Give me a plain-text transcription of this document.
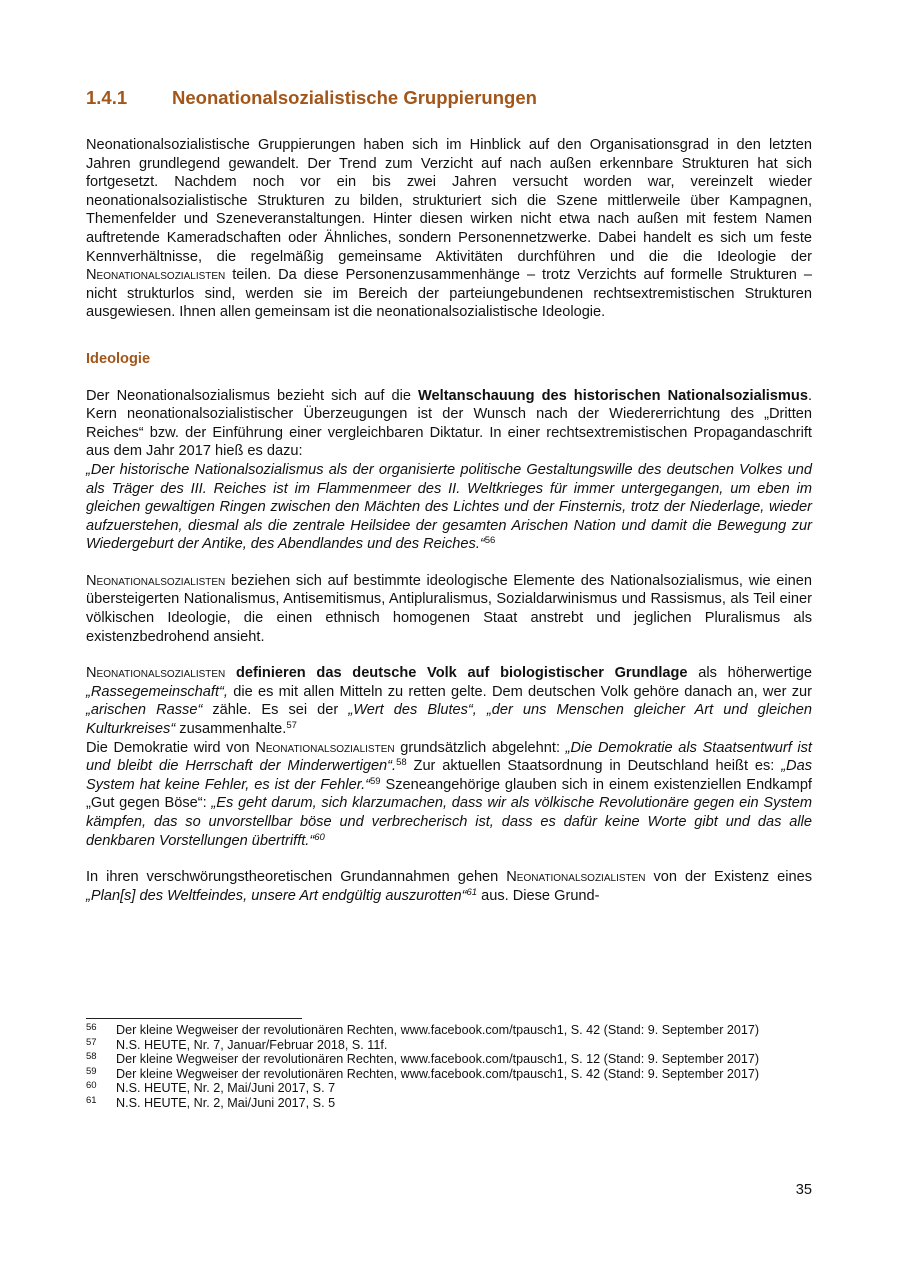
1.4.1	Neonationalsozialistische Gruppierungen

Neonationalsozialistische Gruppierungen haben sich im Hinblick auf den Organisationsgrad in den letzten Jahren grundlegend gewandelt. Der Trend zum Verzicht auf nach außen erkennbare Strukturen hat sich fortgesetzt. Nachdem noch vor ein bis zwei Jahren versucht worden war, vereinzelt wieder neonationalsozialistische Strukturen zu bilden, strukturiert sich die Szene mittlerweile über Kampagnen, Themenfelder und Szeneveranstaltungen. Hinter diesen wirken nicht etwa nach außen mit festem Namen auftretende Kameradschaften oder Ähnliches, sondern Personennetzwerke. Dabei handelt es sich um feste Kennverhältnisse, die regelmäßig gemeinsame Aktivitäten durchführen und die die Ideologie der Neonationalsozialisten teilen. Da diese Personenzusammenhänge – trotz Verzichts auf formelle Strukturen – nicht strukturlos sind, werden sie im Bereich der parteiungebundenen rechtsextremistischen Strukturen ausgewiesen. Ihnen allen gemeinsam ist die neonationalsozialistische Ideologie.

Ideologie

Der Neonationalsozialismus bezieht sich auf die Weltanschauung des historischen Nationalsozialismus. Kern neonationalsozialistischer Überzeugungen ist der Wunsch nach der Wiedererrichtung des „Dritten Reiches“ bzw. der Einführung einer vergleichbaren Diktatur. In einer rechtsextremistischen Propagandaschrift aus dem Jahr 2017 hieß es dazu:
„Der historische Nationalsozialismus als der organisierte politische Gestaltungswille des deutschen Volkes und als Träger des III. Reiches ist im Flammenmeer des II. Weltkrieges für immer untergegangen, um eben im gleichen gewaltigen Ringen zwischen den Mächten des Lichtes und der Finsternis, trotz der Niederlage, wieder aufzuerstehen, diesmal als die zentrale Heilsidee der gesamten Arischen Nation und damit die Bewegung zur Wiedergeburt der Antike, des Abendlandes und des Reiches.“$^{56}$

Neonationalsozialisten beziehen sich auf bestimmte ideologische Elemente des Nationalsozialismus, wie einen übersteigerten Nationalismus, Antisemitismus, Antipluralismus, Sozialdarwinismus und Rassismus, als Teil einer völkischen Ideologie, die einen ethnisch homogenen Staat anstrebt und jeglichen Pluralismus als existenzbedrohend ansieht.

Neonationalsozialisten definieren das deutsche Volk auf biologistischer Grundlage als höherwertige „Rassegemeinschaft“, die es mit allen Mitteln zu retten gelte. Dem deutschen Volk gehöre danach an, wer zur „arischen Rasse“ zähle. Es sei der „Wert des Blutes“, „der uns Menschen gleicher Art und gleichen Kulturkreises“ zusammenhalte.$^{57}$

Die Demokratie wird von Neonationalsozialisten grundsätzlich abgelehnt: „Die Demokratie als Staatsentwurf ist und bleibt die Herrschaft der Minderwertigen“.$^{58}$ Zur aktuellen Staatsordnung in Deutschland heißt es: „Das System hat keine Fehler, es ist der Fehler.“$^{59}$ Szeneangehörige glauben sich in einem existenziellen Endkampf „Gut gegen Böse“: „Es geht darum, sich klarzumachen, dass wir als völkische Revolutionäre gegen ein System kämpfen, das so unvorstellbar böse und verbrecherisch ist, dass es dafür keine Worte gibt und das alle denkbaren Vorstellungen übertrifft.“$^{60}$

In ihren verschwörungstheoretischen Grundannahmen gehen Neonationalsozialisten von der Existenz eines „Plan[s] des Weltfeindes, unsere Art endgültig auszurotten“$^{61}$ aus. Diese Grund-

56	Der kleine Wegweiser der revolutionären Rechten, www.facebook.com/tpausch1, S. 42 (Stand: 9. September 2017)
57	N.S. HEUTE, Nr. 7, Januar/Februar 2018, S. 11f.
58	Der kleine Wegweiser der revolutionären Rechten, www.facebook.com/tpausch1, S. 12 (Stand: 9. September 2017)
59	Der kleine Wegweiser der revolutionären Rechten, www.facebook.com/tpausch1, S. 42 (Stand: 9. September 2017)
60	N.S. HEUTE, Nr. 2, Mai/Juni 2017, S. 7
61	N.S. HEUTE, Nr. 2, Mai/Juni 2017, S. 5
35
